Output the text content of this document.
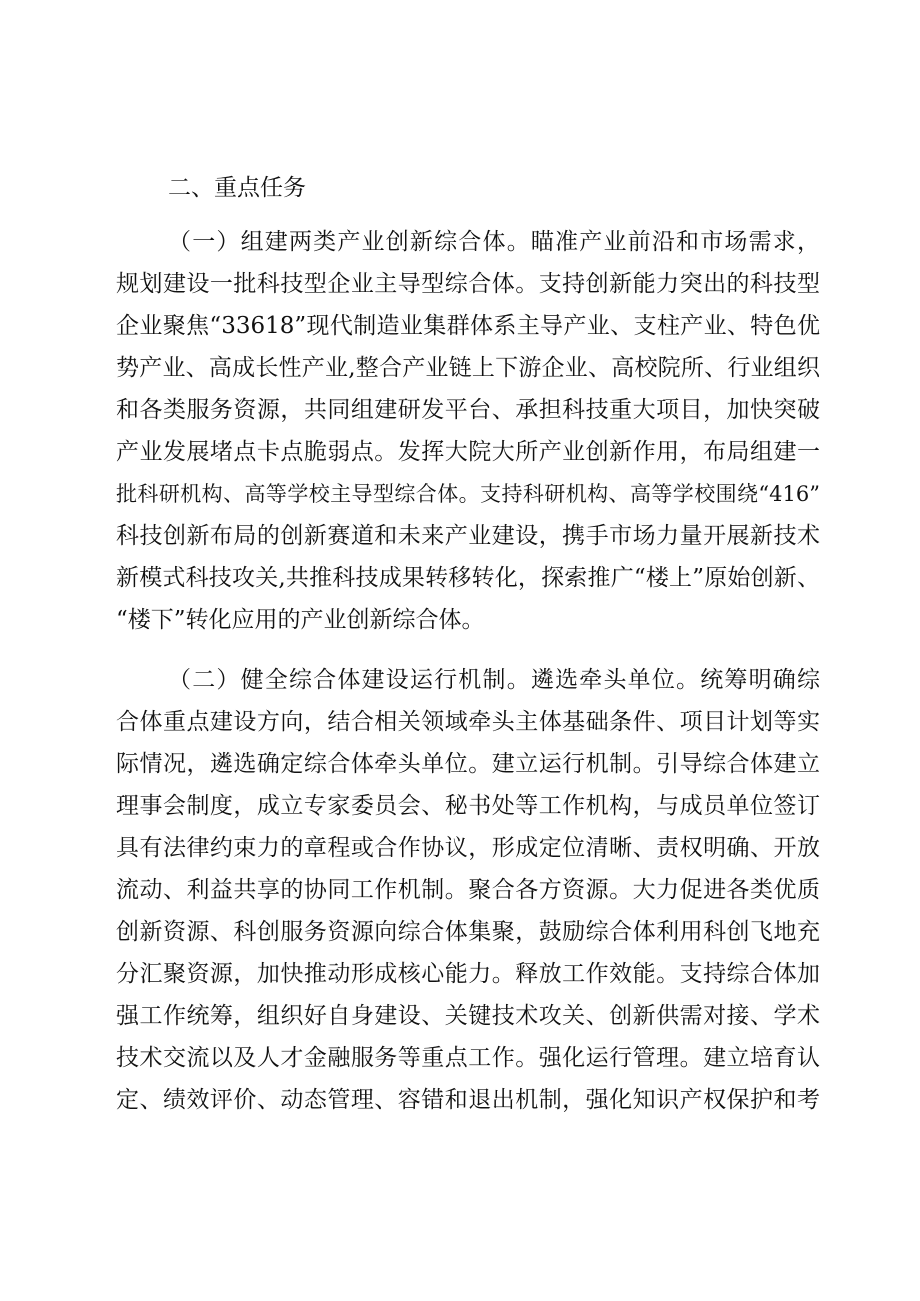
二、重点任务
（一）组建两类产业创新综合体。瞄准产业前沿和市场需求，
规划建设一批科技型企业主导型综合体。支持创新能力突出的科技型
企业聚焦“33618”现代制造业集群体系主导产业、支柱产业、特色优
势产业、高成长性产业,整合产业链上下游企业、高校院所、行业组织
和各类服务资源，共同组建研发平台、承担科技重大项目，加快突破
产业发展堵点卡点脆弱点。发挥大院大所产业创新作用，布局组建一
批科研机构、高等学校主导型综合体。支持科研机构、高等学校围绕“416”
科技创新布局的创新赛道和未来产业建设，携手市场力量开展新技术
新模式科技攻关,共推科技成果转移转化，探索推广“楼上”原始创新、
“楼下”转化应用的产业创新综合体。
（二）健全综合体建设运行机制。遴选牵头单位。统筹明确综
合体重点建设方向，结合相关领域牵头主体基础条件、项目计划等实
际情况，遴选确定综合体牵头单位。建立运行机制。引导综合体建立
理事会制度，成立专家委员会、秘书处等工作机构，与成员单位签订
具有法律约束力的章程或合作协议，形成定位清晰、责权明确、开放
流动、利益共享的协同工作机制。聚合各方资源。大力促进各类优质
创新资源、科创服务资源向综合体集聚，鼓励综合体利用科创飞地充
分汇聚资源，加快推动形成核心能力。释放工作效能。支持综合体加
强工作统筹，组织好自身建设、关键技术攻关、创新供需对接、学术
技术交流以及人才金融服务等重点工作。强化运行管理。建立培育认
定、绩效评价、动态管理、容错和退出机制，强化知识产权保护和考
